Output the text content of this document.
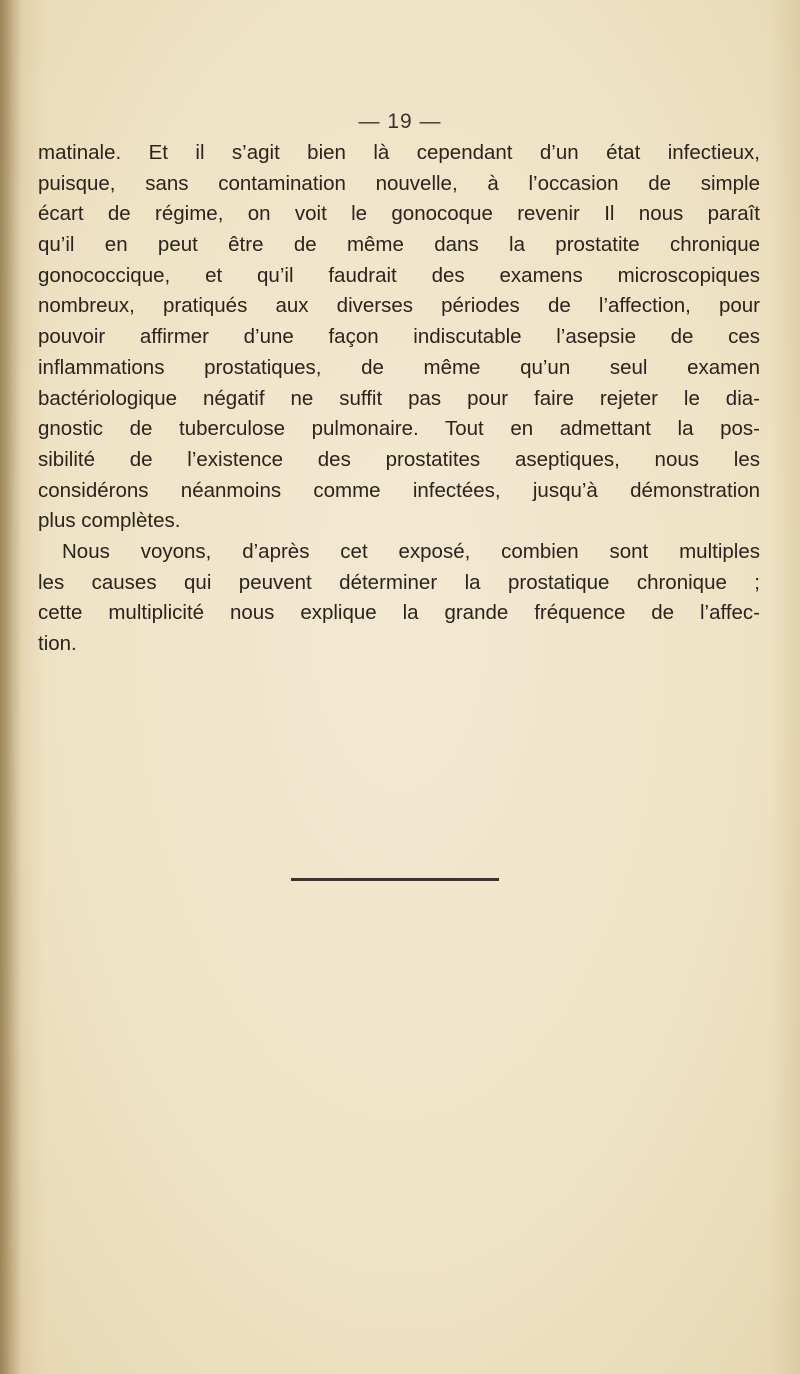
— 19 —
matinale. Et il s’agit bien là cependant d’un état infectieux,
puisque, sans contamination nouvelle, à l’occasion de simple
écart de régime, on voit le gonocoque revenir Il nous paraît
qu’il en peut être de même dans la prostatite chronique
gonococcique, et qu’il faudrait des examens microscopiques
nombreux, pratiqués aux diverses périodes de l’affection, pour
pouvoir affirmer d’une façon indiscutable l’asepsie de ces
inflammations prostatiques, de même qu’un seul examen
bactériologique négatif ne suffit pas pour faire rejeter le dia-
gnostic de tuberculose pulmonaire. Tout en admettant la pos-
sibilité de l’existence des prostatites aseptiques, nous les
considérons néanmoins comme infectées, jusqu’à démonstration
plus complètes.
Nous voyons, d’après cet exposé, combien sont multiples
les causes qui peuvent déterminer la prostatique chronique ;
cette multiplicité nous explique la grande fréquence de l’affec-
tion.
